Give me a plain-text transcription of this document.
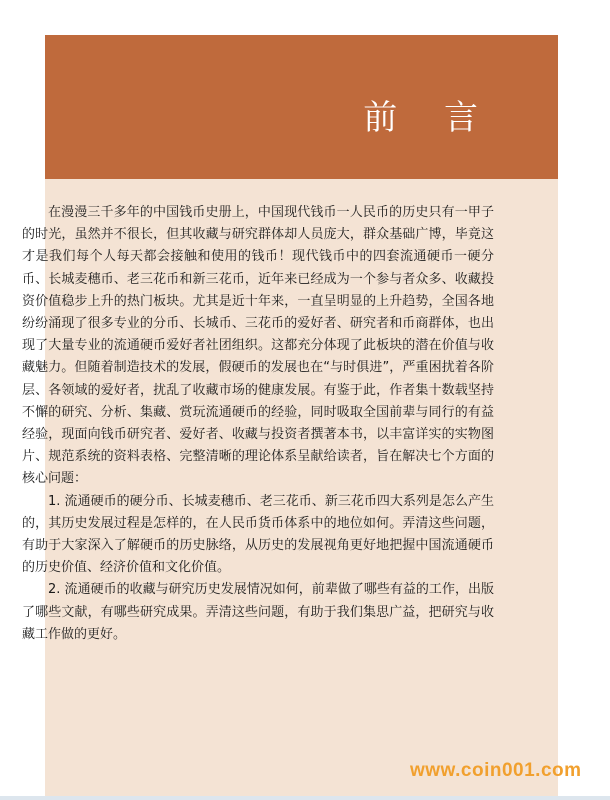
前 言

在漫漫三千多年的中国钱币史册上，中国现代钱币一人民币的历史只有一甲子的时光，虽然并不很长，但其收藏与研究群体却人员庞大，群众基础广博，毕竟这才是我们每个人每天都会接触和使用的钱币！现代钱币中的四套流通硬币一硬分币、长城麦穗币、老三花币和新三花币，近年来已经成为一个参与者众多、收藏投资价值稳步上升的热门板块。尤其是近十年来，一直呈明显的上升趋势，全国各地纷纷涌现了很多专业的分币、长城币、三花币的爱好者、研究者和币商群体，也出现了大量专业的流通硬币爱好者社团组织。这都充分体现了此板块的潜在价值与收藏魅力。但随着制造技术的发展，假硬币的发展也在“与时俱进”，严重困扰着各阶层、各领域的爱好者，扰乱了收藏市场的健康发展。有鉴于此，作者集十数载坚持不懈的研究、分析、集藏、赏玩流通硬币的经验，同时吸取全国前辈与同行的有益经验，现面向钱币研究者、爱好者、收藏与投资者撰著本书，以丰富详实的实物图片、规范系统的资料表格、完整清晰的理论体系呈献给读者，旨在解决七个方面的核心问题：

1. 流通硬币的硬分币、长城麦穗币、老三花币、新三花币四大系列是怎么产生的，其历史发展过程是怎样的，在人民币货币体系中的地位如何。弄清这些问题，有助于大家深入了解硬币的历史脉络，从历史的发展视角更好地把握中国流通硬币的历史价值、经济价值和文化价值。

2. 流通硬币的收藏与研究历史发展情况如何，前辈做了哪些有益的工作，出版了哪些文献，有哪些研究成果。弄清这些问题，有助于我们集思广益，把研究与收藏工作做的更好。

www.coin001.com
